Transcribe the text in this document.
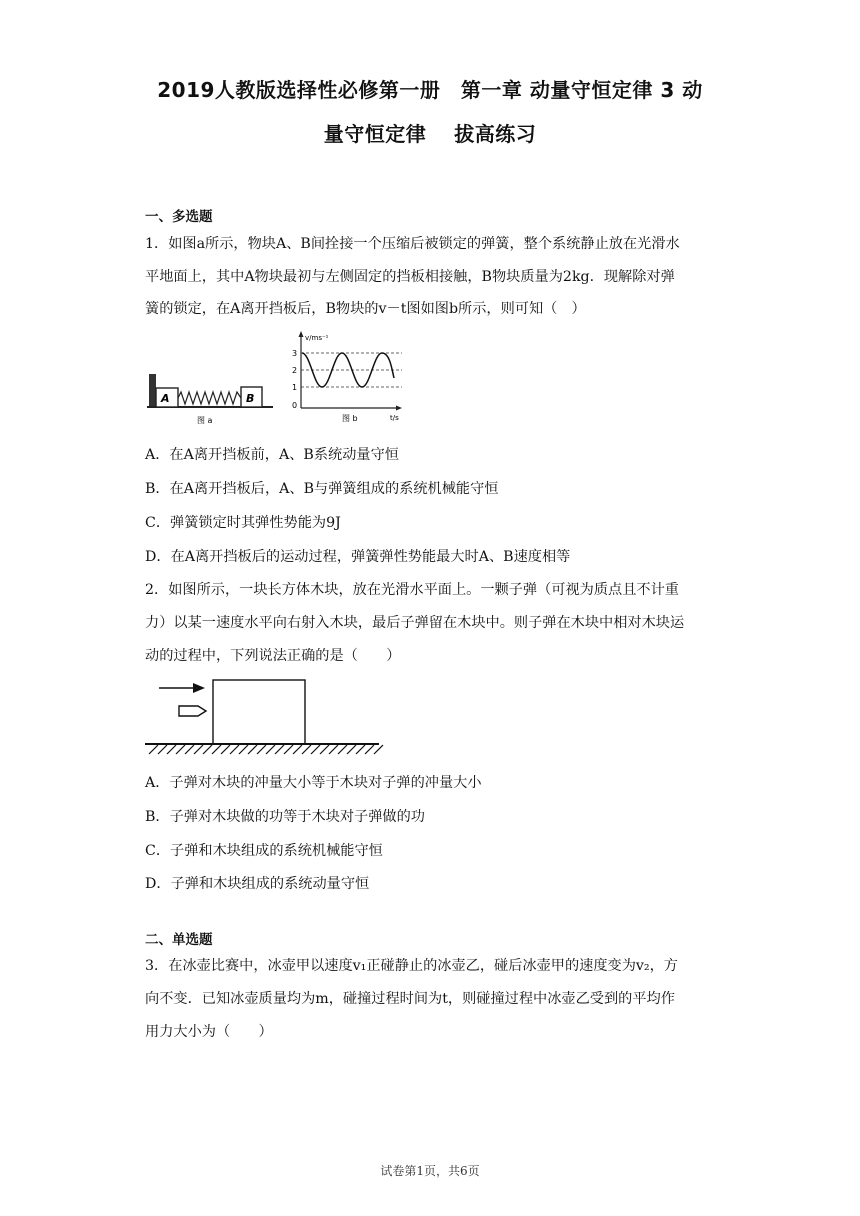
2019人教版选择性必修第一册　第一章 动量守恒定律 3 动
量守恒定律　 拔高练习
一、多选题
1．如图a所示，物块A、B间拴接一个压缩后被锁定的弹簧，整个系统静止放在光滑水
平地面上，其中A物块最初与左侧固定的挡板相接触，B物块质量为2kg．现解除对弹
簧的锁定，在A离开挡板后，B物块的v－t图如图b所示，则可知（　）
A	B
图 a
v/ms⁻¹
t/s
3
2
1
0
图 b
A．在A离开挡板前，A、B系统动量守恒
B．在A离开挡板后，A、B与弹簧组成的系统机械能守恒
C．弹簧锁定时其弹性势能为9J
D．在A离开挡板后的运动过程，弹簧弹性势能最大时A、B速度相等
2．如图所示，一块长方体木块，放在光滑水平面上。一颗子弹（可视为质点且不计重
力）以某一速度水平向右射入木块，最后子弹留在木块中。则子弹在木块中相对木块运
动的过程中，下列说法正确的是（　　）
A．子弹对木块的冲量大小等于木块对子弹的冲量大小
B．子弹对木块做的功等于木块对子弹做的功
C．子弹和木块组成的系统机械能守恒
D．子弹和木块组成的系统动量守恒
二、单选题
3．在冰壶比赛中，冰壶甲以速度v₁正碰静止的冰壶乙，碰后冰壶甲的速度变为v₂，方
向不变．已知冰壶质量均为m，碰撞过程时间为t，则碰撞过程中冰壶乙受到的平均作
用力大小为（　　）
试卷第1页，共6页
